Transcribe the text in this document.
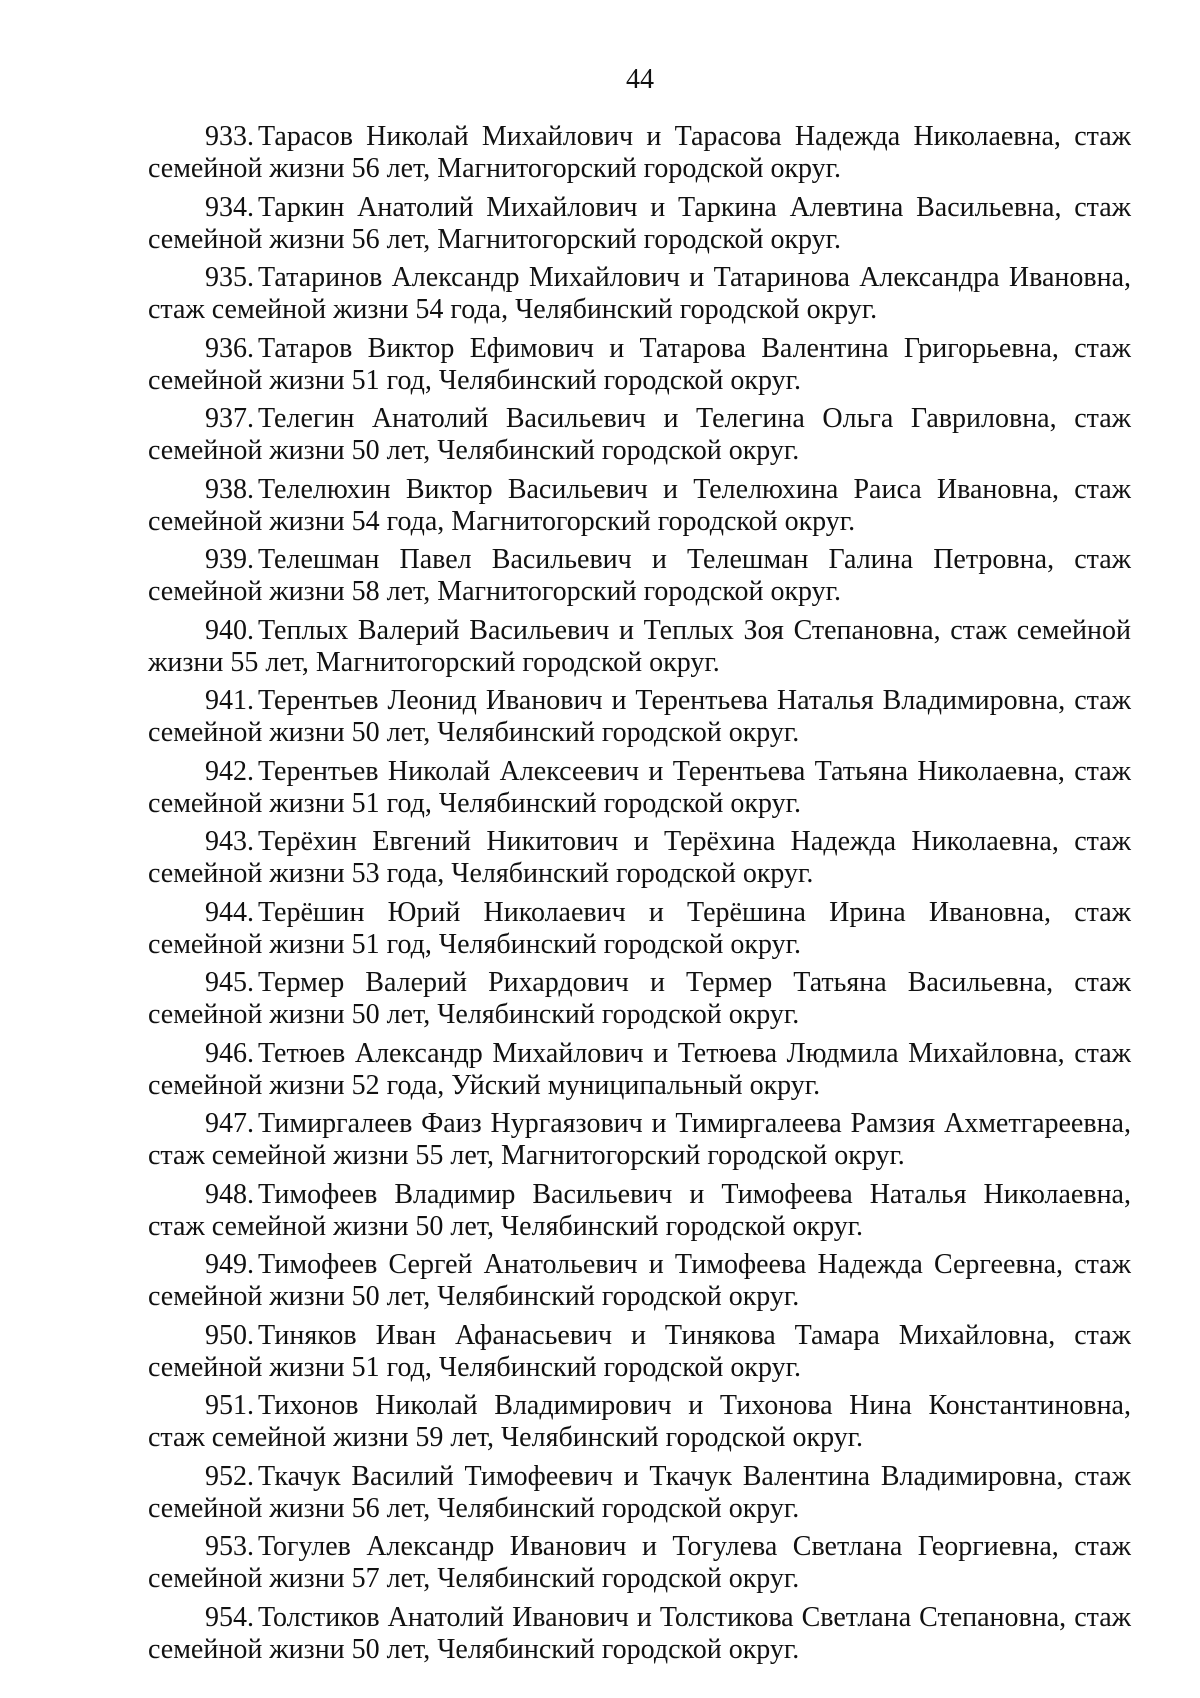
44

933. Тарасов Николай Михайлович и Тарасова Надежда Николаевна, стаж семейной жизни 56 лет, Магнитогорский городской округ.

934. Таркин Анатолий Михайлович и Таркина Алевтина Васильевна, стаж семейной жизни 56 лет, Магнитогорский городской округ.

935. Татаринов Александр Михайлович и Татаринова Александра Ивановна, стаж семейной жизни 54 года, Челябинский городской округ.

936. Татаров Виктор Ефимович и Татарова Валентина Григорьевна, стаж семейной жизни 51 год, Челябинский городской округ.

937. Телегин Анатолий Васильевич и Телегина Ольга Гавриловна, стаж семейной жизни 50 лет, Челябинский городской округ.

938. Телелюхин Виктор Васильевич и Телелюхина Раиса Ивановна, стаж семейной жизни 54 года, Магнитогорский городской округ.

939. Телешман Павел Васильевич и Телешман Галина Петровна, стаж семейной жизни 58 лет, Магнитогорский городской округ.

940. Теплых Валерий Васильевич и Теплых Зоя Степановна, стаж семейной жизни 55 лет, Магнитогорский городской округ.

941. Терентьев Леонид Иванович и Терентьева Наталья Владимировна, стаж семейной жизни 50 лет, Челябинский городской округ.

942. Терентьев Николай Алексеевич и Терентьева Татьяна Николаевна, стаж семейной жизни 51 год, Челябинский городской округ.

943. Терёхин Евгений Никитович и Терёхина Надежда Николаевна, стаж семейной жизни 53 года, Челябинский городской округ.

944. Терёшин Юрий Николаевич и Терёшина Ирина Ивановна, стаж семейной жизни 51 год, Челябинский городской округ.

945. Термер Валерий Рихардович и Термер Татьяна Васильевна, стаж семейной жизни 50 лет, Челябинский городской округ.

946. Тетюев Александр Михайлович и Тетюева Людмила Михайловна, стаж семейной жизни 52 года, Уйский муниципальный округ.

947. Тимиргалеев Фаиз Нургаязович и Тимиргалеева Рамзия Ахметгареевна, стаж семейной жизни 55 лет, Магнитогорский городской округ.

948. Тимофеев Владимир Васильевич и Тимофеева Наталья Николаевна, стаж семейной жизни 50 лет, Челябинский городской округ.

949. Тимофеев Сергей Анатольевич и Тимофеева Надежда Сергеевна, стаж семейной жизни 50 лет, Челябинский городской округ.

950. Тиняков Иван Афанасьевич и Тинякова Тамара Михайловна, стаж семейной жизни 51 год, Челябинский городской округ.

951. Тихонов Николай Владимирович и Тихонова Нина Константиновна, стаж семейной жизни 59 лет, Челябинский городской округ.

952. Ткачук Василий Тимофеевич и Ткачук Валентина Владимировна, стаж семейной жизни 56 лет, Челябинский городской округ.

953. Тогулев Александр Иванович и Тогулева Светлана Георгиевна, стаж семейной жизни 57 лет, Челябинский городской округ.

954. Толстиков Анатолий Иванович и Толстикова Светлана Степановна, стаж семейной жизни 50 лет, Челябинский городской округ.
